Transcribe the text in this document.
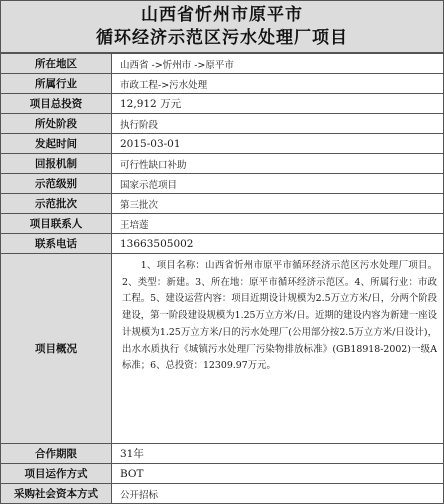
山西省忻州市原平市
循环经济示范区污水处理厂项目
所在地区	山西省 ->忻州市 ->原平市
所属行业	市政工程->污水处理
项目总投资	12,912 万元
所处阶段	执行阶段
发起时间	2015-03-01
回报机制	可行性缺口补助
示范级别	国家示范项目
示范批次	第三批次
项目联系人	王培莲
联系电话	13663505002
项目概况	1、项目名称：山西省忻州市原平市循环经济示范区污水处理厂项目。2、类型：新建。3、所在地：原平市循环经济示范区。4、所属行业：市政工程。5、建设运营内容：项目近期设计规模为2.5万立方米/日，分两个阶段建设，第一阶段建设规模为1.25万立方米/日。近期的建设内容为新建一座设计规模为1.25万立方米/日的污水处理厂(公用部分按2.5万立方米/日设计)，出水水质执行《城镇污水处理厂污染物排放标准》(GB18918-2002)一级A标准；6、总投资：12309.97万元。
合作期限	31年
项目运作方式	BOT
采购社会资本方式	公开招标
